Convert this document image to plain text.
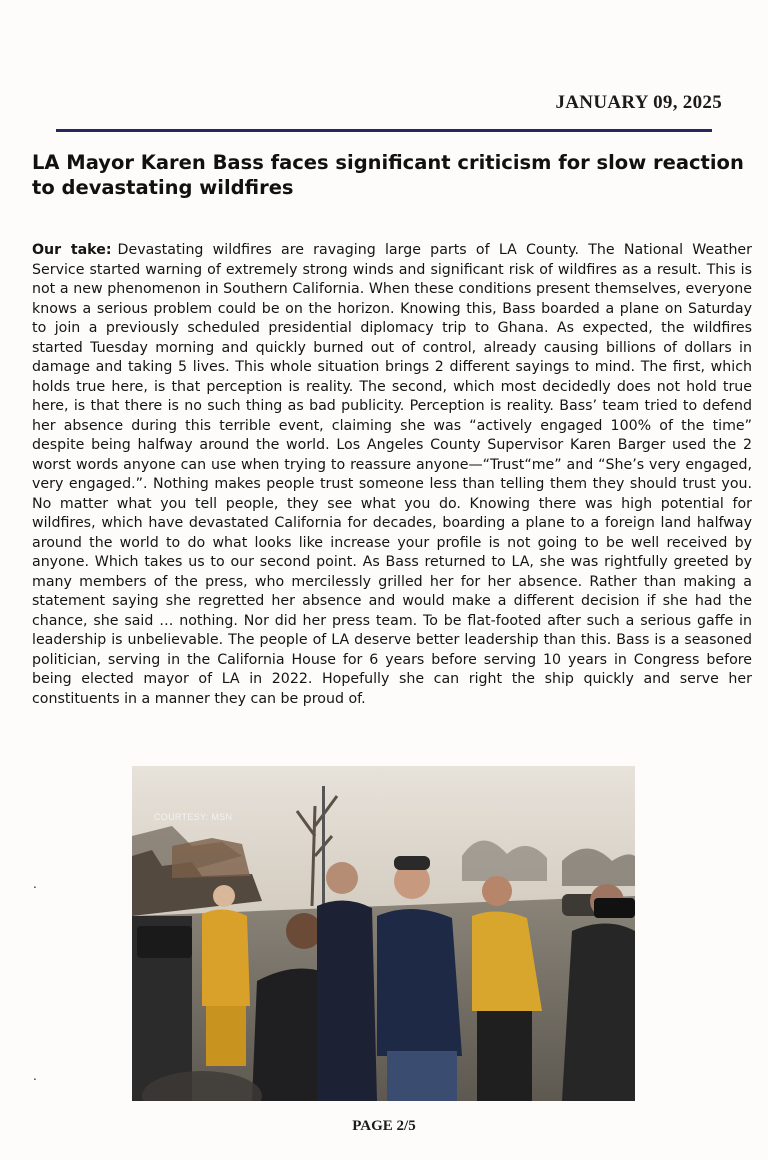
JANUARY 09, 2025
LA Mayor Karen Bass faces significant criticism for slow reaction to devastating wildfires

Our take: Devastating wildfires are ravaging large parts of LA County. The National Weather Service started warning of extremely strong winds and significant risk of wildfires as a result. This is not a new phenomenon in Southern California. When these conditions present themselves, everyone knows a serious problem could be on the horizon. Knowing this, Bass boarded a plane on Saturday to join a previously scheduled presidential diplomacy trip to Ghana. As expected, the wildfires started Tuesday morning and quickly burned out of control, already causing billions of dollars in damage and taking 5 lives. This whole situation brings 2 different sayings to mind. The first, which holds true here, is that perception is reality. The second, which most decidedly does not hold true here, is that there is no such thing as bad publicity. Perception is reality. Bass’ team tried to defend her absence during this terrible event, claiming she was “actively engaged 100% of the time” despite being halfway around the world. Los Angeles County Supervisor Karen Barger used the 2 worst words anyone can use when trying to reassure anyone—“Trust“me” and “She’s very engaged, very engaged.”. Nothing makes people trust someone less than telling them they should trust you. No matter what you tell people, they see what you do. Knowing there was high potential for wildfires, which have devastated California for decades, boarding a plane to a foreign land halfway around the world to do what looks like increase your profile is not going to be well received by anyone. Which takes us to our second point. As Bass returned to LA, she was rightfully greeted by many members of the press, who mercilessly grilled her for her absence. Rather than making a statement saying she regretted her absence and would make a different decision if she had the chance, she said … nothing. Nor did her press team. To be flat-footed after such a serious gaffe in leadership is unbelievable. The people of LA deserve better leadership than this. Bass is a seasoned politician, serving in the California House for 6 years before serving 10 years in Congress before being elected mayor of LA in 2022. Hopefully she can right the ship quickly and serve her constituents in a manner they can be proud of.

COURTESY: MSN
.
.
PAGE 2/5
